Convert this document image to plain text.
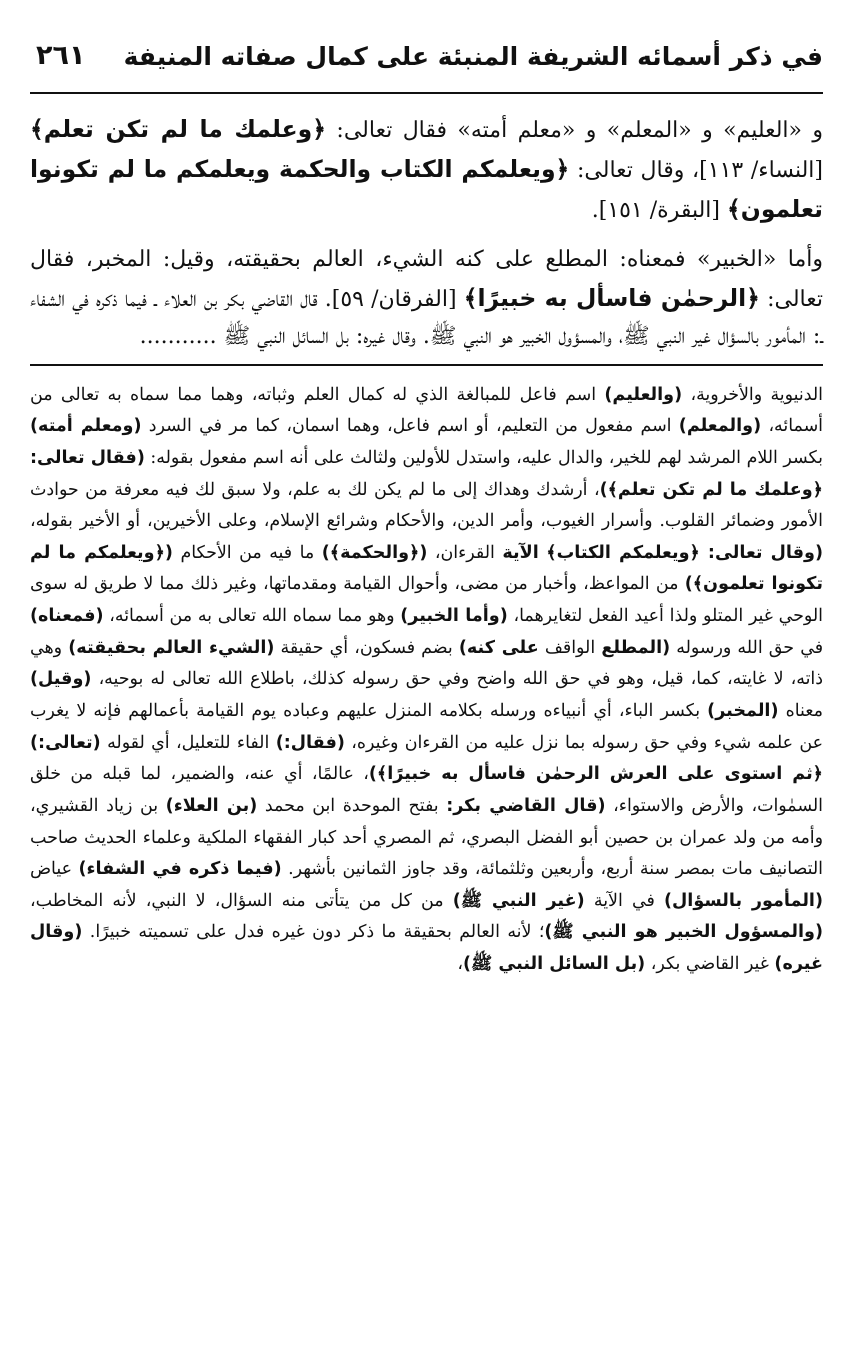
في ذكر أسمائه الشريفة المنبئة على كمال صفاته المنيفة
٢٦١

و «العليم» و «المعلم» و «معلم أمته» فقال تعالى: ﴿وعلمك ما لم تكن تعلم﴾ [النساء/ ١١٣]، وقال تعالى: ﴿ويعلمكم الكتاب والحكمة ويعلمكم ما لم تكونوا تعلمون﴾ [البقرة/ ١٥١].

وأما «الخبير» فمعناه: المطلع على كنه الشيء، العالم بحقيقته، وقيل: المخبر، فقال تعالى: ﴿الرحمٰن فاسأل به خبيرًا﴾ [الفرقان/ ٥٩]. قال القاضي بكر بن العلاء ـ فيما ذكره في الشفاء ـ: المأمور بالسؤال غير النبي ﷺ، والمسؤول الخبير هو النبي ﷺ. وقال غيره: بل السائل النبي ﷺ ...........

الدنيوية والأخروية، (والعليم) اسم فاعل للمبالغة الذي له كمال العلم وثباته، وهما مما سماه به تعالى من أسمائه، (والمعلم) اسم مفعول من التعليم، أو اسم فاعل، وهما اسمان، كما مر في السرد (ومعلم أمته) بكسر اللام المرشد لهم للخير، والدال عليه، واستدل للأولين ولثالث على أنه اسم مفعول بقوله: (فقال تعالى: ﴿وعلمك ما لم تكن تعلم﴾)، أرشدك وهداك إلى ما لم يكن لك به علم، ولا سبق لك فيه معرفة من حوادث الأمور وضمائر القلوب. وأسرار الغيوب، وأمر الدين، والأحكام وشرائع الإسلام، وعلى الأخيرين، أو الأخير بقوله، (وقال تعالى: ﴿ويعلمكم الكتاب﴾ الآية القرءان، (﴿والحكمة﴾) ما فيه من الأحكام (﴿ويعلمكم ما لم تكونوا تعلمون﴾) من المواعظ، وأخبار من مضى، وأحوال القيامة ومقدماتها، وغير ذلك مما لا طريق له سوى الوحي غير المتلو ولذا أعيد الفعل لتغايرهما، (وأما الخبير) وهو مما سماه الله تعالى به من أسمائه، (فمعناه) في حق الله ورسوله (المطلع الواقف على كنه) بضم فسكون، أي حقيقة (الشيء العالم بحقيقته) وهي ذاته، لا غايته، كما، قيل، وهو في حق الله واضح وفي حق رسوله كذلك، باطلاع الله تعالى له بوحيه، (وقيل) معناه (المخبر) بكسر الباء، أي أنبياءه ورسله بكلامه المنزل عليهم وعباده يوم القيامة بأعمالهم فإنه لا يغرب عن علمه شيء وفي حق رسوله بما نزل عليه من القرءان وغيره، (فقال:) الفاء للتعليل، أي لقوله (تعالى:) ﴿ثم استوى على العرش الرحمٰن فاسأل به خبيرًا﴾)، عالمًا، أي عنه، والضمير، لما قبله من خلق السمٰوات، والأرض والاستواء، (قال القاضي بكر: بفتح الموحدة ابن محمد (بن العلاء) بن زياد القشيري، وأمه من ولد عمران بن حصين أبو الفضل البصري، ثم المصري أحد كبار الفقهاء الملكية وعلماء الحديث صاحب التصانيف مات بمصر سنة أربع، وأربعين وثلثمائة، وقد جاوز الثمانين بأشهر. (فيما ذكره في الشفاء) عياض (المأمور بالسؤال) في الآية (غير النبي ﷺ) من كل من يتأتى منه السؤال، لا النبي، لأنه المخاطب، (والمسؤول الخبير هو النبي ﷺ)؛ لأنه العالم بحقيقة ما ذكر دون غيره فدل على تسميته خبيرًا. (وقال غيره) غير القاضي بكر، (بل السائل النبي ﷺ)،
